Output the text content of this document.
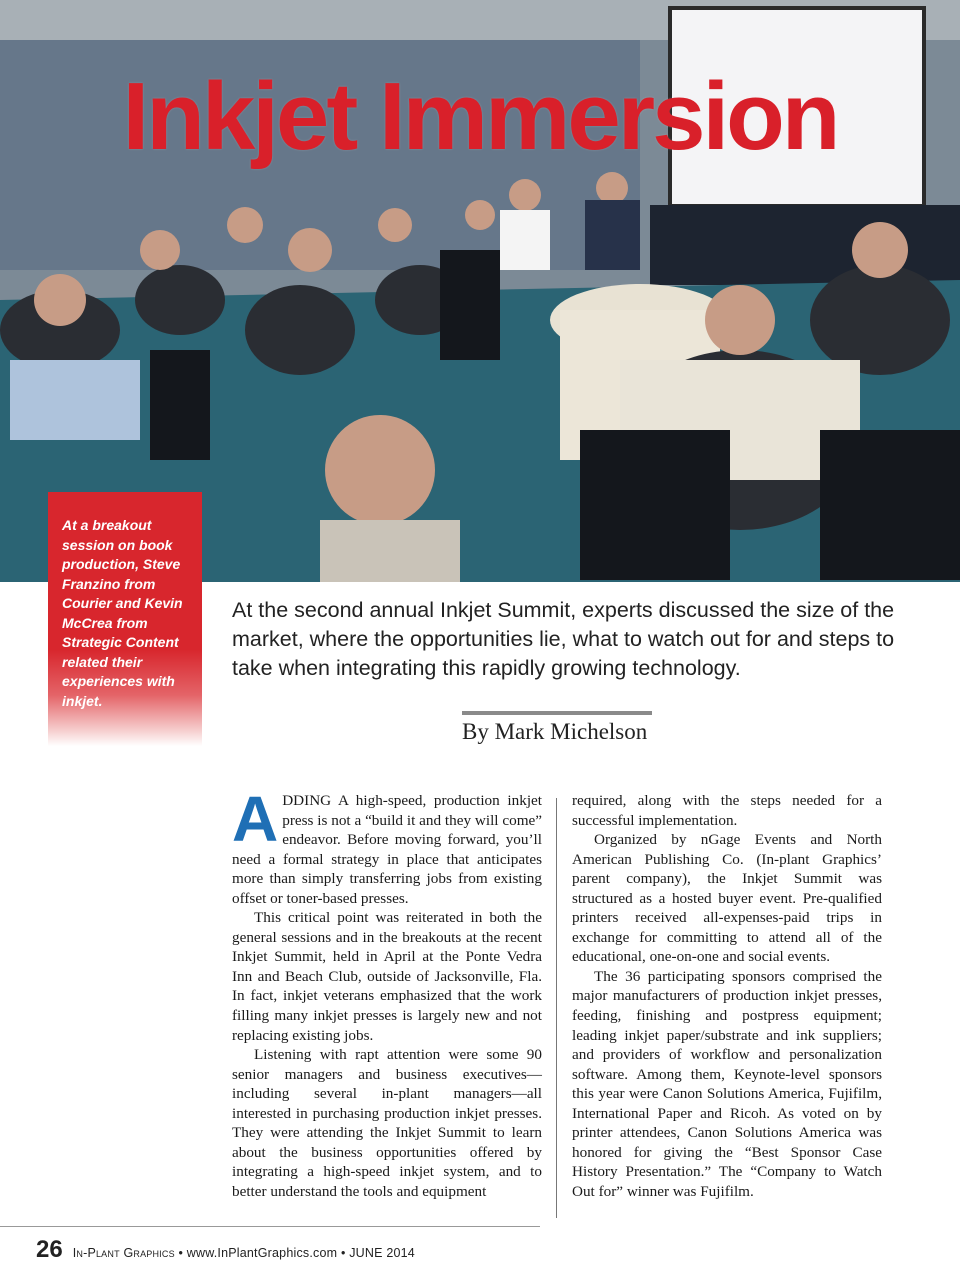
Inkjet Immersion

At a breakout session on book production, Steve Franzino from Courier and Kevin McCrea from Strategic Content related their experiences with inkjet.

At the second annual Inkjet Summit, experts discussed the size of the market, where the opportunities lie, what to watch out for and steps to take when integrating this rapidly growing technology.
By Mark Michelson

ADDING A high-speed, production inkjet press is not a “build it and they will come” endeavor. Before moving forward, you’ll need a formal strategy in place that anticipates more than simply transferring jobs from existing offset or toner-based presses.

This critical point was reiterated in both the general sessions and in the breakouts at the recent Inkjet Summit, held in April at the Ponte Vedra Inn and Beach Club, outside of Jacksonville, Fla. In fact, inkjet veterans emphasized that the work filling many inkjet presses is largely new and not replacing existing jobs.

Listening with rapt attention were some 90 senior managers and business executives—including several in-plant managers—all interested in purchasing production inkjet presses. They were attending the Inkjet Summit to learn about the business opportunities offered by integrating a high-speed inkjet system, and to better understand the tools and equipment

required, along with the steps needed for a successful implementation.

Organized by nGage Events and North American Publishing Co. (In-plant Graphics’ parent company), the Inkjet Summit was structured as a hosted buyer event. Pre-qualified printers received all-expenses-paid trips in exchange for committing to attend all of the educational, one-on-one and social events.

The 36 participating sponsors comprised the major manufacturers of production inkjet presses, feeding, finishing and postpress equipment; leading inkjet paper/substrate and ink suppliers; and providers of workflow and personalization software. Among them, Keynote-level sponsors this year were Canon Solutions America, Fujifilm, International Paper and Ricoh. As voted on by printer attendees, Canon Solutions America was honored for giving the “Best Sponsor Case History Presentation.” The “Company to Watch Out for” winner was Fujifilm.

26 In-Plant Graphics • www.InPlantGraphics.com • JUNE 2014
